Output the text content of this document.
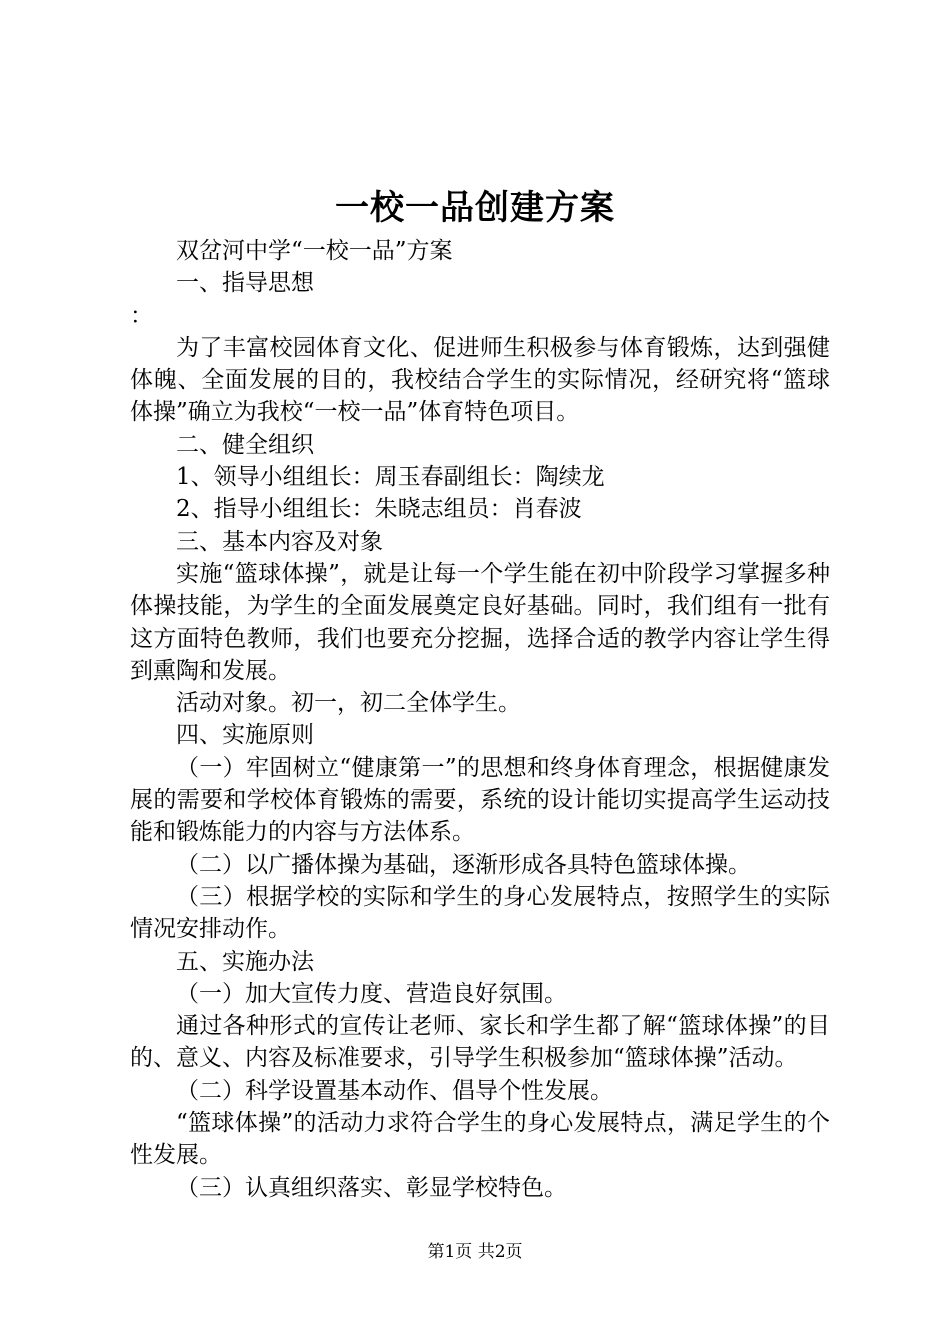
一校一品创建方案

双岔河中学“一校一品”方案

一、指导思想

：

为了丰富校园体育文化、促进师生积极参与体育锻炼，达到强健体魄、全面发展的目的，我校结合学生的实际情况，经研究将“篮球体操”确立为我校“一校一品”体育特色项目。

二、健全组织

1、领导小组组长：周玉春副组长：陶续龙

2、指导小组组长：朱晓志组员：肖春波

三、基本内容及对象

实施“篮球体操”，就是让每一个学生能在初中阶段学习掌握多种体操技能，为学生的全面发展奠定良好基础。同时，我们组有一批有这方面特色教师，我们也要充分挖掘，选择合适的教学内容让学生得到熏陶和发展。

活动对象。初一，初二全体学生。

四、实施原则

（一）牢固树立“健康第一”的思想和终身体育理念，根据健康发展的需要和学校体育锻炼的需要，系统的设计能切实提高学生运动技能和锻炼能力的内容与方法体系。

（二）以广播体操为基础，逐渐形成各具特色篮球体操。

（三）根据学校的实际和学生的身心发展特点，按照学生的实际情况安排动作。

五、实施办法

（一）加大宣传力度、营造良好氛围。

通过各种形式的宣传让老师、家长和学生都了解“篮球体操”的目的、意义、内容及标准要求，引导学生积极参加“篮球体操”活动。

（二）科学设置基本动作、倡导个性发展。

“篮球体操”的活动力求符合学生的身心发展特点，满足学生的个性发展。

（三）认真组织落实、彰显学校特色。

第1页 共2页
